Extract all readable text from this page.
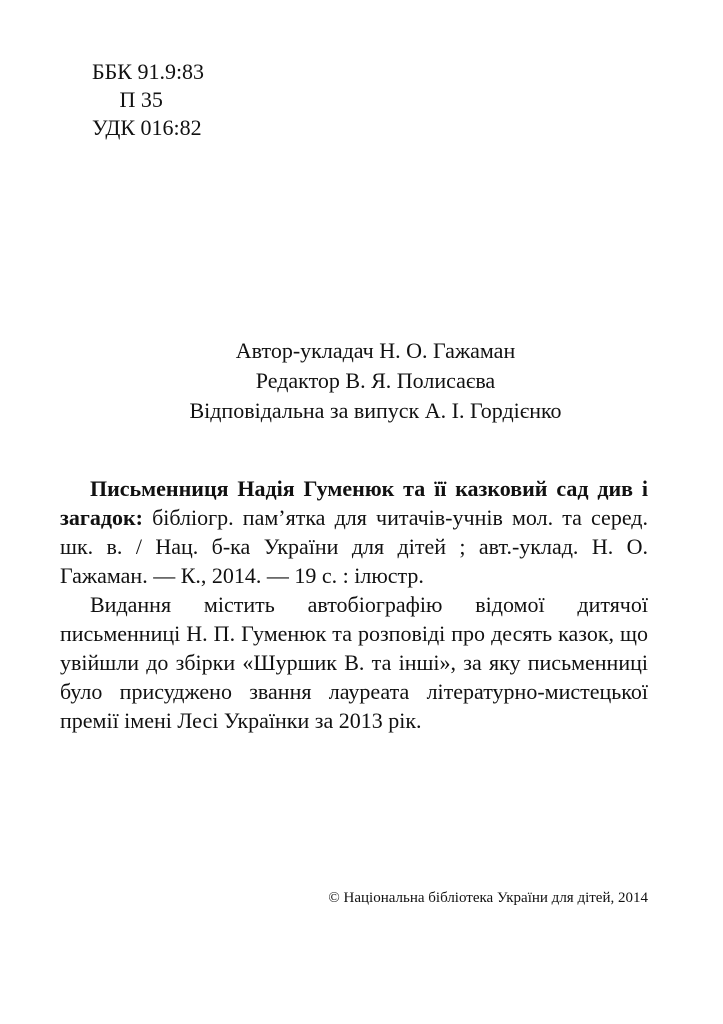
ББК 91.9:83
П 35
УДК 016:82
Автор-укладач Н. О. Гажаман
Редактор В. Я. Полисаєва
Відповідальна за випуск А. І. Гордієнко

Письменниця Надія Гуменюк та її казковий сад див і загадок: бібліогр. пам’ятка для читачів-учнів мол. та серед. шк. в. / Нац. б-ка України для дітей ; авт.-уклад. Н. О. Гажаман. — К., 2014. — 19 с. : ілюстр.

Видання містить автобіографію відомої дитячої письменниці Н. П. Гуменюк та розповіді про десять казок, що увійшли до збірки «Шуршик В. та інші», за яку письменниці було присуджено звання лауреата літературно-мистецької премії імені Лесі Українки за 2013 рік.

© Національна бібліотека України для дітей, 2014
